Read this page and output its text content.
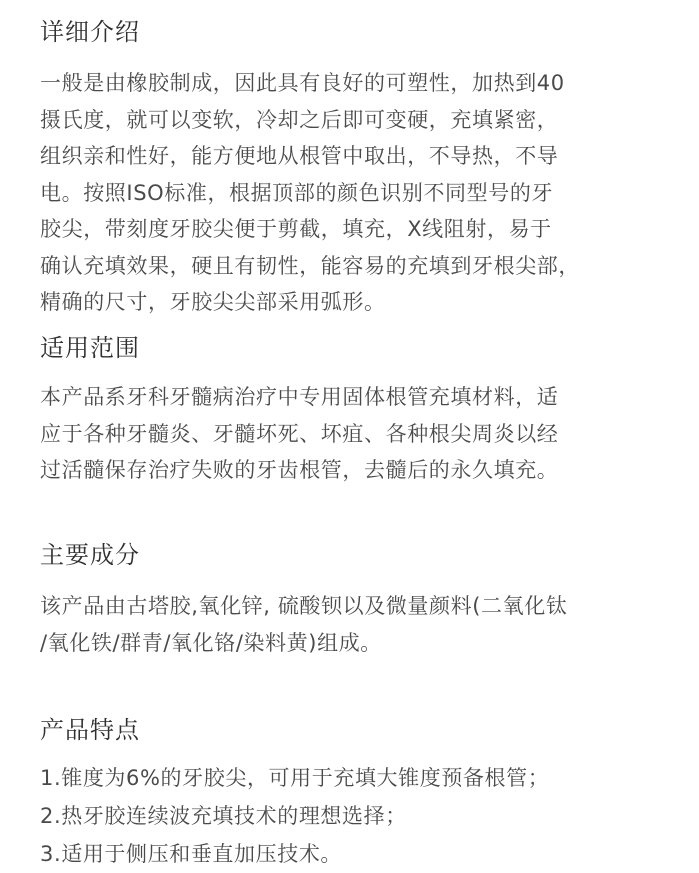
详细介绍
一般是由橡胶制成，因此具有良好的可塑性，加热到40
摄氏度，就可以变软，冷却之后即可变硬，充填紧密，
组织亲和性好，能方便地从根管中取出，不导热，不导
电。按照ISO标准，根据顶部的颜色识别不同型号的牙
胶尖，带刻度牙胶尖便于剪截，填充，X线阻射，易于
确认充填效果，硬且有韧性，能容易的充填到牙根尖部，
精确的尺寸，牙胶尖尖部采用弧形。
适用范围
本产品系牙科牙髓病治疗中专用固体根管充填材料，适
应于各种牙髓炎、牙髓坏死、坏疽、各种根尖周炎以经
过活髓保存治疗失败的牙齿根管，去髓后的永久填充。
主要成分
该产品由古塔胶,氧化锌, 硫酸钡以及微量颜料(二氧化钛
/氧化铁/群青/氧化铬/染料黄)组成。
产品特点
1.锥度为6%的牙胶尖，可用于充填大锥度预备根管；
2.热牙胶连续波充填技术的理想选择；
3.适用于侧压和垂直加压技术。
